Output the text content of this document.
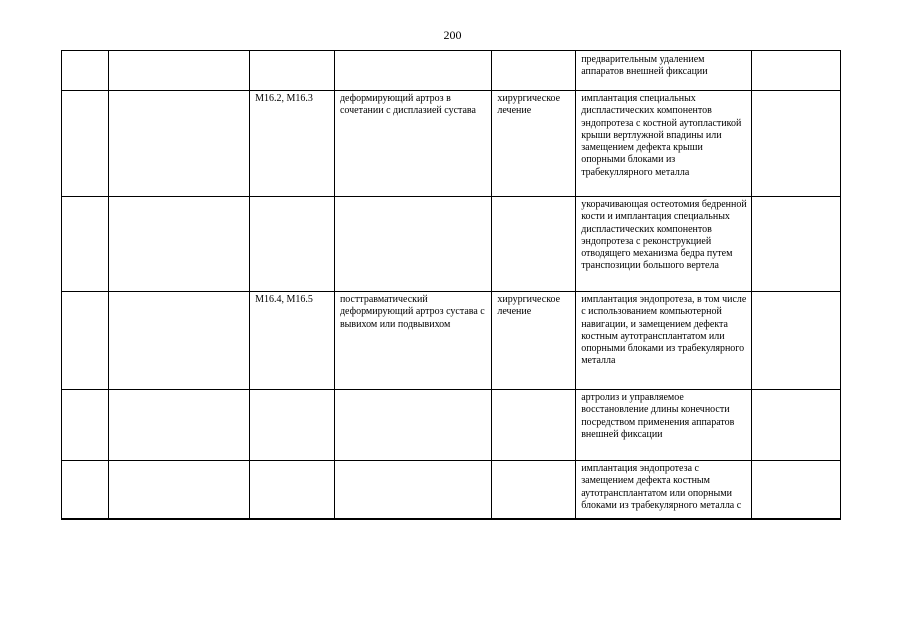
200
					предварительным удалением аппаратов внешней фиксации	
		M16.2, M16.3	деформирующий артроз в сочетании с дисплазией сустава	хирургическое лечение	имплантация специальных диспластических компонентов эндопротеза с костной аутопластикой крыши вертлужной впадины или замещением дефекта крыши опорными блоками из трабекуллярного металла	
					укорачивающая остеотомия бедренной кости и имплантация специальных диспластических компонентов эндопротеза с реконструкцией отводящего механизма бедра путем транспозиции большого вертела	
		M16.4, M16.5	посттравматический деформирующий артроз сустава с вывихом или подвывихом	хирургическое лечение	имплантация эндопротеза, в том числе с использованием компьютерной навигации, и замещением дефекта костным аутотрансплантатом или опорными блоками из трабекулярного металла	
					артролиз и управляемое восстановление длины конечности посредством применения аппаратов внешней фиксации	
					имплантация эндопротеза с замещением дефекта костным аутотрансплантатом или опорными блоками из трабекулярного металла с	
